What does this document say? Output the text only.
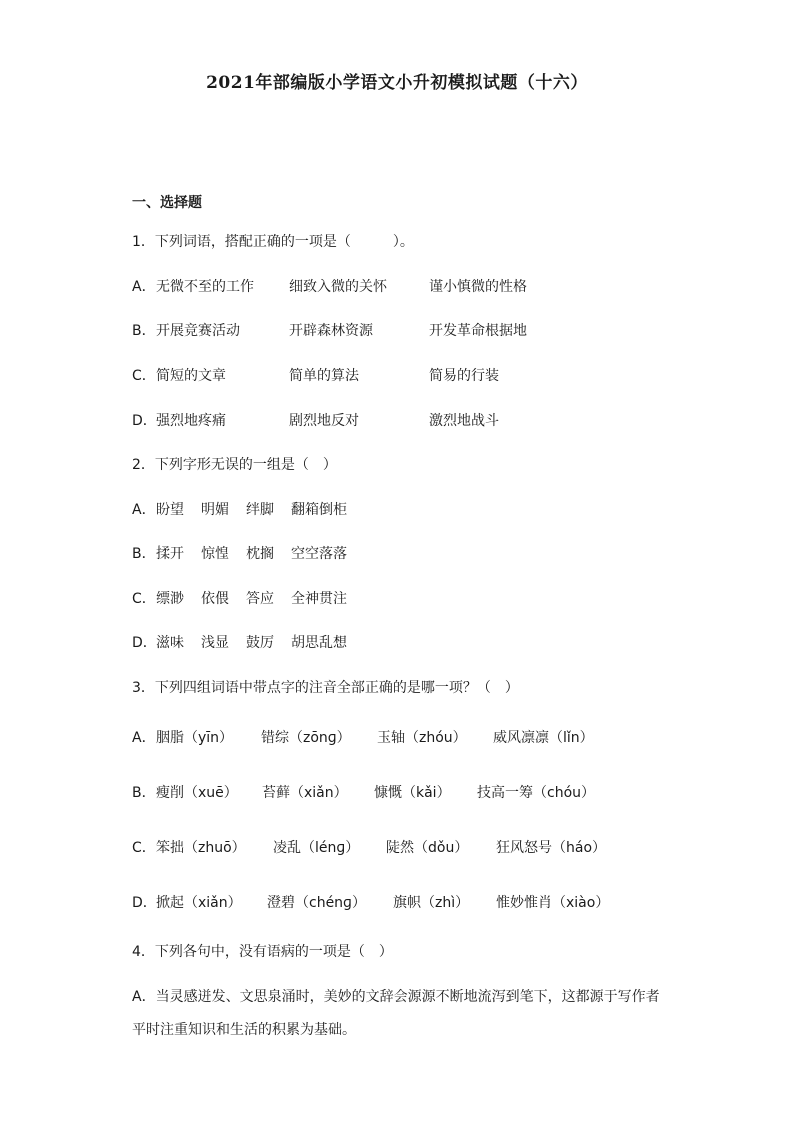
2021年部编版小学语文小升初模拟试题（十六）
一、选择题
1．下列词语，搭配正确的一项是（　　　）。
A． 无微不至的工作	细致入微的关怀	谨小慎微的性格
B． 开展竞赛活动	开辟森林资源	开发革命根据地
C． 简短的文章	简单的算法	简易的行装
D． 强烈地疼痛	剧烈地反对	激烈地战斗
2．下列字形无误的一组是（　）
A． 盼望 明媚 绊脚 翻箱倒柜
B． 揉开 惊惶 枕搁 空空落落
C． 缥渺 依偎 答应 全神贯注
D． 滋味 浅显 鼓厉 胡思乱想
3．下列四组词语中带点字的注音全部正确的是哪一项？（　）
A． 胭脂（yīn） 错综（zōnɡ） 玉轴（zhóu） 威风凛凛（lǐn）
B． 瘦削（xuē） 苔藓（xiǎn） 慷慨（kǎi） 技高一筹（chóu）
C． 笨拙（zhuō） 凌乱（lénɡ） 陡然（dǒu） 狂风怒号（háo）
D． 掀起（xiǎn） 澄碧（chénɡ） 旗帜（zhì） 惟妙惟肖（xiào）
4．下列各句中，没有语病的一项是（　）
A．当灵感迸发、文思泉涌时，美妙的文辞会源源不断地流泻到笔下，这都源于写作者平时注重知识和生活的积累为基础。
